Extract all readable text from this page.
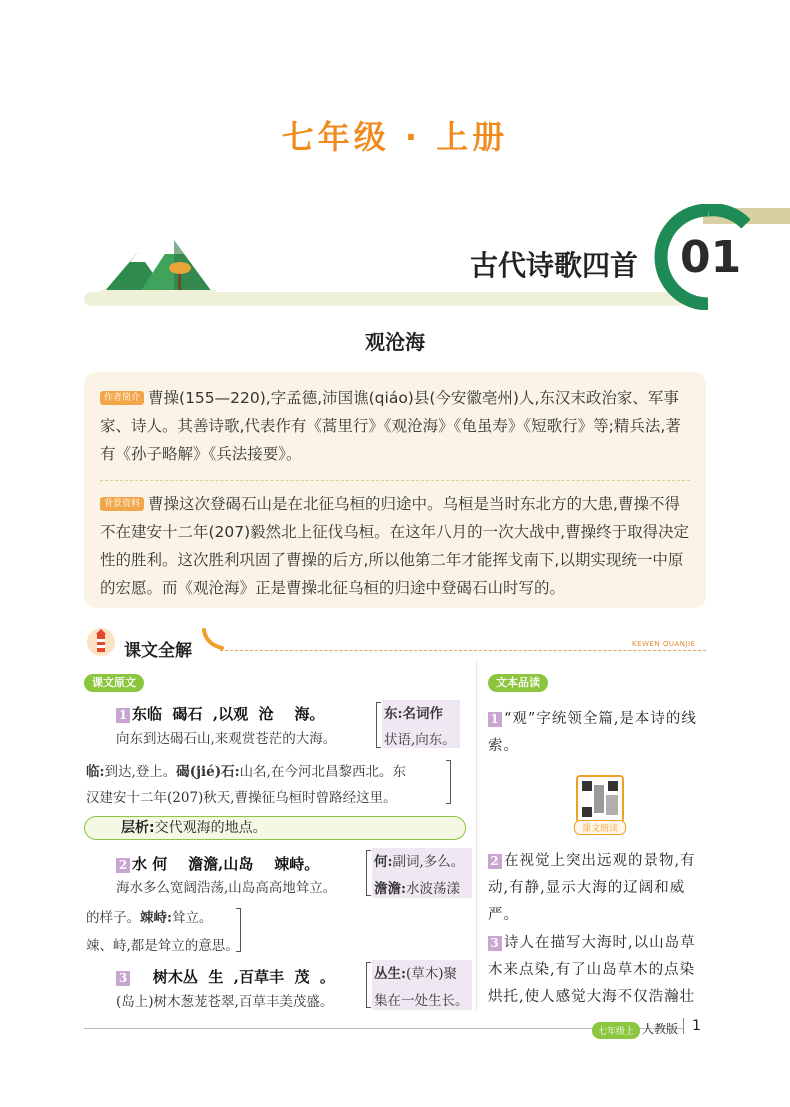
七年级 · 上册
古代诗歌四首 01
观沧海
作者简介 曹操(155—220),字孟德,沛国谯(qiáo)县(今安徽亳州)人,东汉末政治家、军事家、诗人。其善诗歌,代表作有《蒿里行》《观沧海》《龟虽寿》《短歌行》等;精兵法,著有《孙子略解》《兵法接要》。
背景资料 曹操这次登碣石山是在北征乌桓的归途中。乌桓是当时东北方的大患,曹操不得不在建安十二年(207)毅然北上征伐乌桓。在这年八月的一次大战中,曹操终于取得决定性的胜利。这次胜利巩固了曹操的后方,所以他第二年才能挥戈南下,以期实现统一中原的宏愿。而《观沧海》正是曹操北征乌桓的归途中登碣石山时写的。
课文全解	KEWEN QUANJIE
课文原文	文本品读
1 东临  碣石  ,以观  沧    海。
向东到达碣石山,来观赏苍茫的大海。
东:名词作
状语,向东。
临:到达,登上。碣(jié)石:山名,在今河北昌黎西北。东
汉建安十二年(207)秋天,曹操征乌桓时曾路经这里。
层析:交代观海的地点。
2 水 何    澹澹,山岛    竦峙。
海水多么宽阔浩荡,山岛高高地耸立。
何:副词,多么。
澹澹:水波荡漾
的样子。竦峙:耸立。
竦、峙,都是耸立的意思。
3    树木丛  生  ,百草丰  茂  。
(岛上)树木葱茏苍翠,百草丰美茂盛。
丛生:(草木)聚
集在一处生长。
1 “观”字统领全篇,是本诗的线索。
课文朗读
2 在视觉上突出远观的景物,有动,有静,显示大海的辽阔和威严。
3 诗人在描写大海时,以山岛草木来点染,有了山岛草木的点染烘托,使人感觉大海不仅浩瀚壮
七年级上 人教版 1
